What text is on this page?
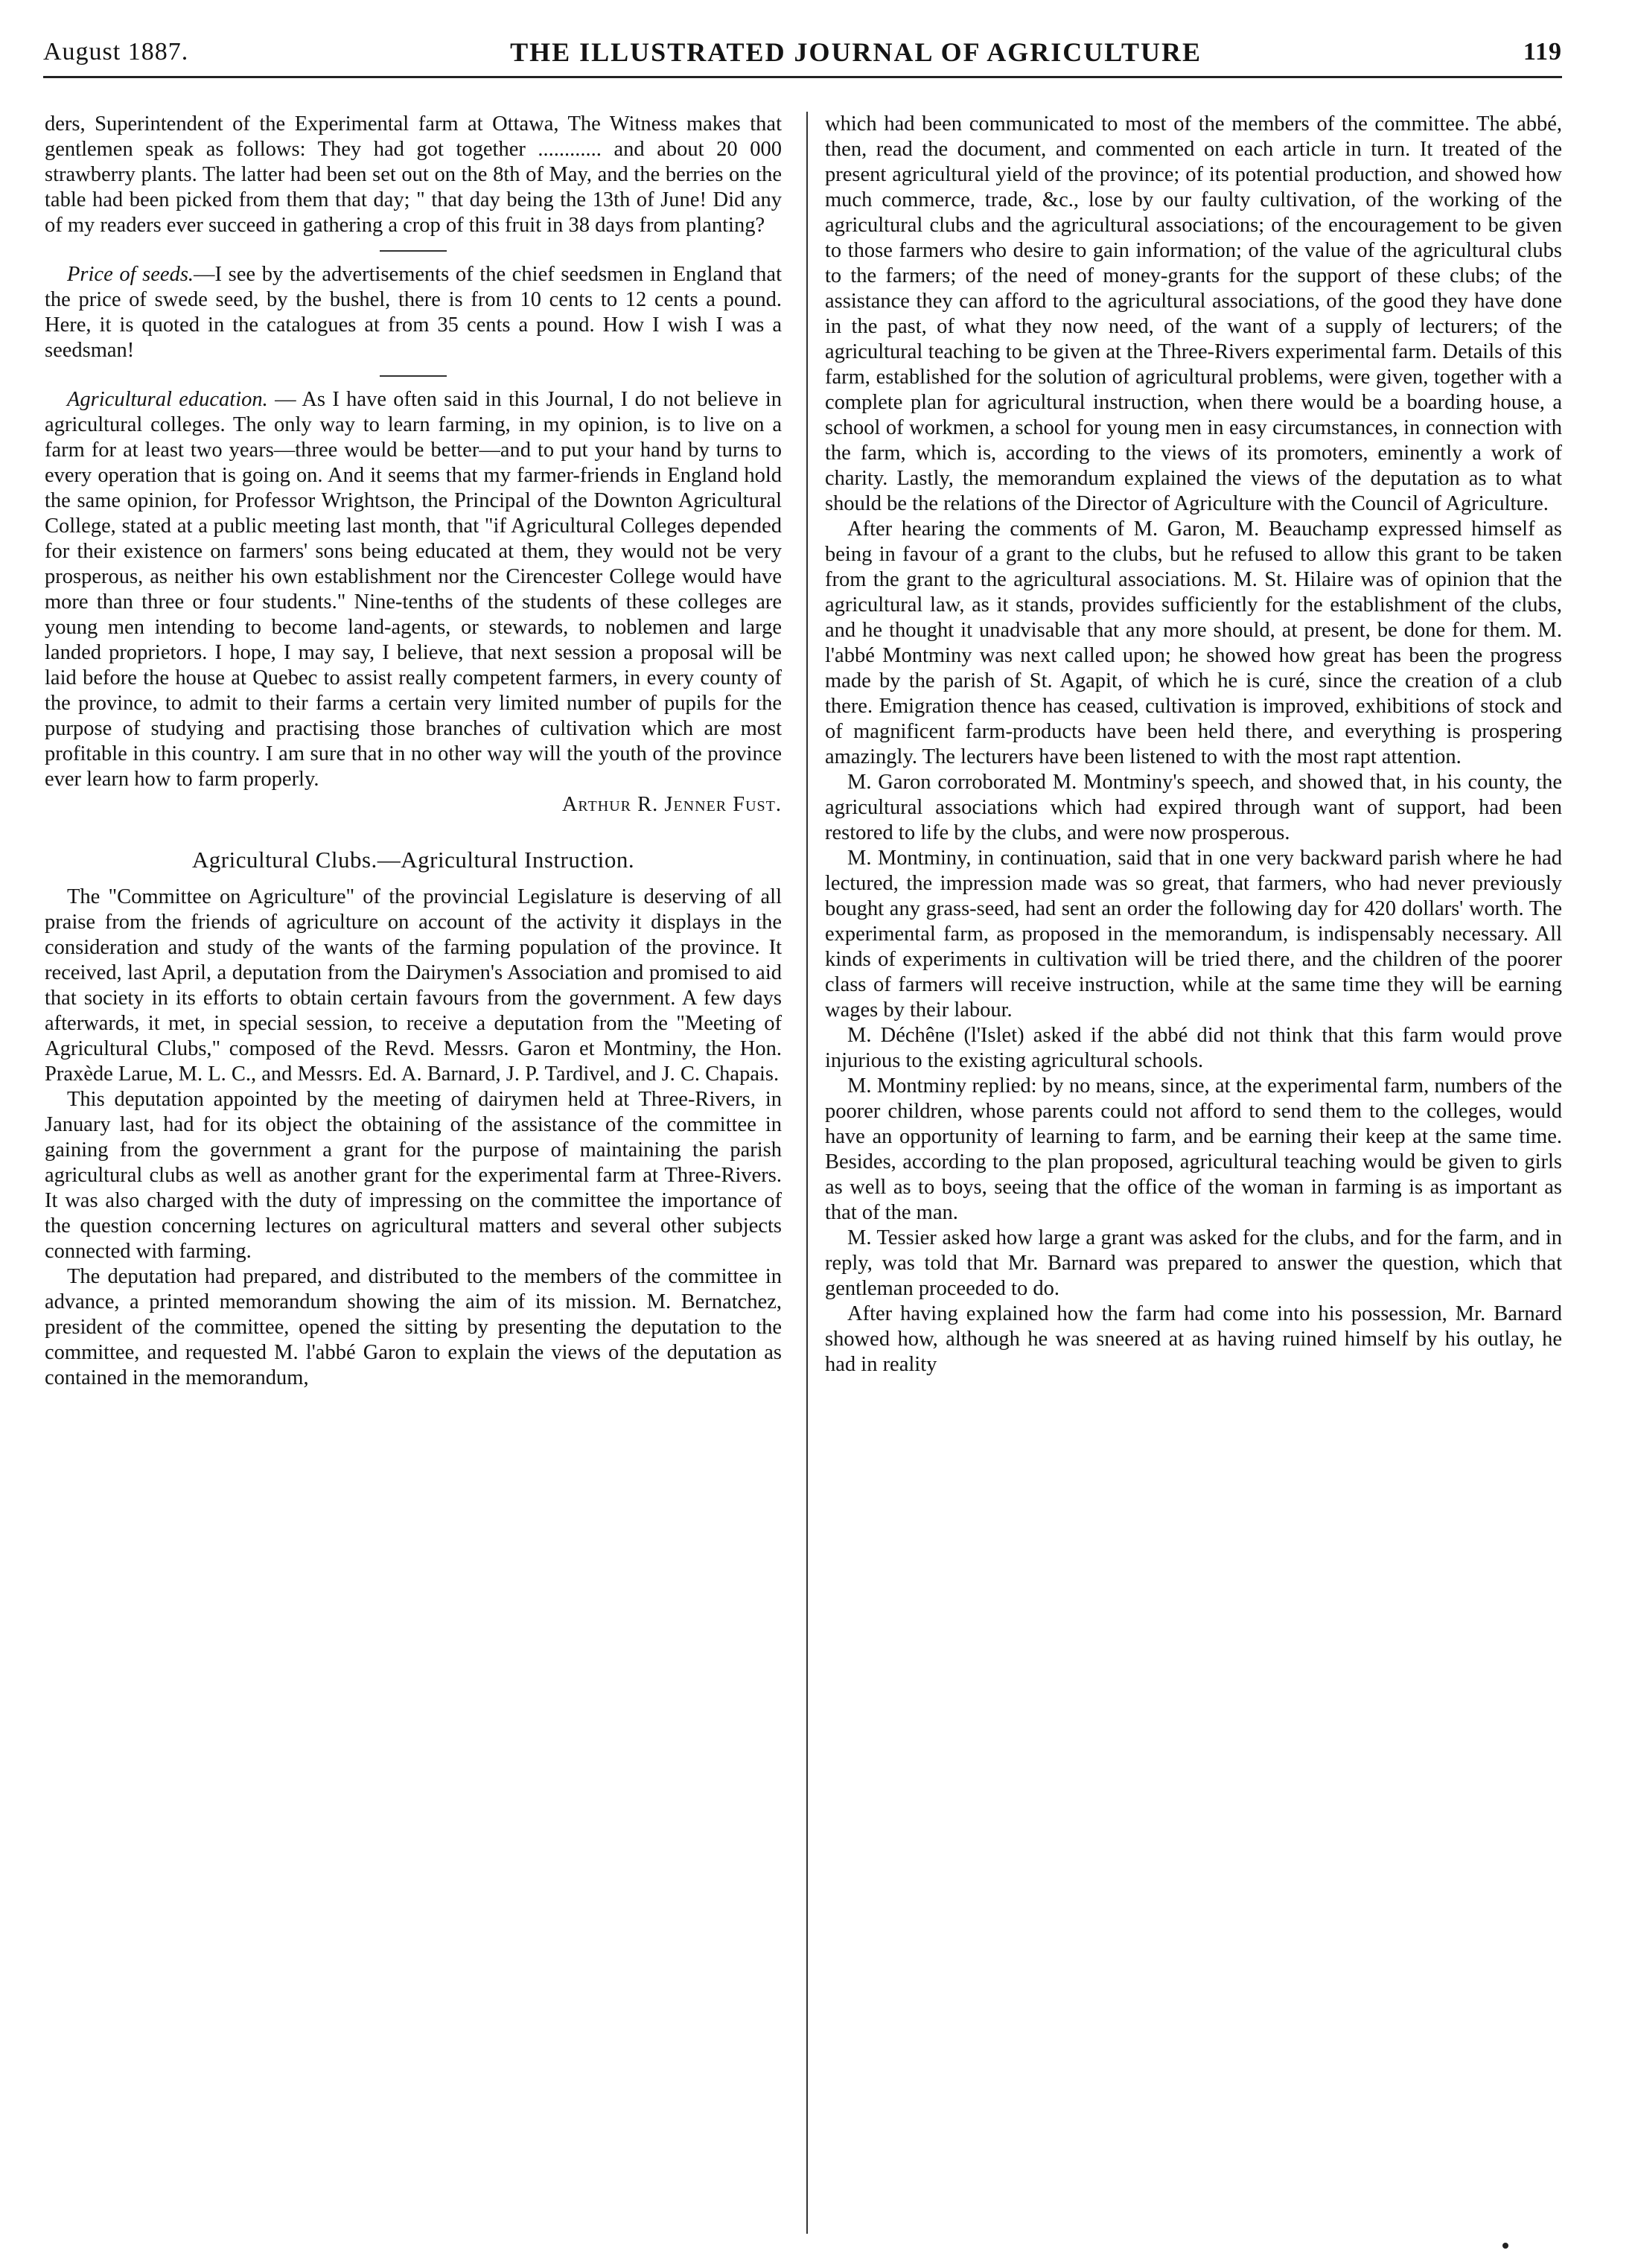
August 1887.	THE ILLUSTRATED JOURNAL OF AGRICULTURE	119

ders, Superintendent of the Experimental farm at Ottawa, The Witness makes that gentlemen speak as follows: They had got together ............ and about 20 000 strawberry plants. The latter had been set out on the 8th of May, and the berries on the table had been picked from them that day; " that day being the 13th of June! Did any of my readers ever succeed in gathering a crop of this fruit in 38 days from planting?

Price of seeds.—I see by the advertisements of the chief seedsmen in England that the price of swede seed, by the bushel, there is from 10 cents to 12 cents a pound. Here, it is quoted in the catalogues at from 35 cents a pound. How I wish I was a seedsman!

Agricultural education. — As I have often said in this Journal, I do not believe in agricultural colleges. The only way to learn farming, in my opinion, is to live on a farm for at least two years—three would be better—and to put your hand by turns to every operation that is going on. And it seems that my farmer-friends in England hold the same opinion, for Professor Wrightson, the Principal of the Downton Agricultural College, stated at a public meeting last month, that "if Agricultural Colleges depended for their existence on farmers' sons being educated at them, they would not be very prosperous, as neither his own establishment nor the Cirencester College would have more than three or four students." Nine-tenths of the students of these colleges are young men intending to become land-agents, or stewards, to noblemen and large landed proprietors. I hope, I may say, I believe, that next session a proposal will be laid before the house at Quebec to assist really competent farmers, in every county of the province, to admit to their farms a certain very limited number of pupils for the purpose of studying and practising those branches of cultivation which are most profitable in this country. I am sure that in no other way will the youth of the province ever learn how to farm properly.

Arthur R. Jenner Fust.

Agricultural Clubs.—Agricultural Instruction.

The "Committee on Agriculture" of the provincial Legislature is deserving of all praise from the friends of agriculture on account of the activity it displays in the consideration and study of the wants of the farming population of the province. It received, last April, a deputation from the Dairymen's Association and promised to aid that society in its efforts to obtain certain favours from the government. A few days afterwards, it met, in special session, to receive a deputation from the "Meeting of Agricultural Clubs," composed of the Revd. Messrs. Garon et Montminy, the Hon. Praxède Larue, M. L. C., and Messrs. Ed. A. Barnard, J. P. Tardivel, and J. C. Chapais.

This deputation appointed by the meeting of dairymen held at Three-Rivers, in January last, had for its object the obtaining of the assistance of the committee in gaining from the government a grant for the purpose of maintaining the parish agricultural clubs as well as another grant for the experimental farm at Three-Rivers. It was also charged with the duty of impressing on the committee the importance of the question concerning lectures on agricultural matters and several other subjects connected with farming.

The deputation had prepared, and distributed to the members of the committee in advance, a printed memorandum showing the aim of its mission. M. Bernatchez, president of the committee, opened the sitting by presenting the deputation to the committee, and requested M. l'abbé Garon to explain the views of the deputation as contained in the memorandum,

which had been communicated to most of the members of the committee. The abbé, then, read the document, and commented on each article in turn. It treated of the present agricultural yield of the province; of its potential production, and showed how much commerce, trade, &c., lose by our faulty cultivation, of the working of the agricultural clubs and the agricultural associations; of the encouragement to be given to those farmers who desire to gain information; of the value of the agricultural clubs to the farmers; of the need of money-grants for the support of these clubs; of the assistance they can afford to the agricultural associations, of the good they have done in the past, of what they now need, of the want of a supply of lecturers; of the agricultural teaching to be given at the Three-Rivers experimental farm. Details of this farm, established for the solution of agricultural problems, were given, together with a complete plan for agricultural instruction, when there would be a boarding house, a school of workmen, a school for young men in easy circumstances, in connection with the farm, which is, according to the views of its promoters, eminently a work of charity. Lastly, the memorandum explained the views of the deputation as to what should be the relations of the Director of Agriculture with the Council of Agriculture.

After hearing the comments of M. Garon, M. Beauchamp expressed himself as being in favour of a grant to the clubs, but he refused to allow this grant to be taken from the grant to the agricultural associations. M. St. Hilaire was of opinion that the agricultural law, as it stands, provides sufficiently for the establishment of the clubs, and he thought it unadvisable that any more should, at present, be done for them. M. l'abbé Montminy was next called upon; he showed how great has been the progress made by the parish of St. Agapit, of which he is curé, since the creation of a club there. Emigration thence has ceased, cultivation is improved, exhibitions of stock and of magnificent farm-products have been held there, and everything is prospering amazingly. The lecturers have been listened to with the most rapt attention.

M. Garon corroborated M. Montminy's speech, and showed that, in his county, the agricultural associations which had expired through want of support, had been restored to life by the clubs, and were now prosperous.

M. Montminy, in continuation, said that in one very backward parish where he had lectured, the impression made was so great, that farmers, who had never previously bought any grass-seed, had sent an order the following day for 420 dollars' worth. The experimental farm, as proposed in the memorandum, is indispensably necessary. All kinds of experiments in cultivation will be tried there, and the children of the poorer class of farmers will receive instruction, while at the same time they will be earning wages by their labour.

M. Déchêne (l'Islet) asked if the abbé did not think that this farm would prove injurious to the existing agricultural schools.

M. Montminy replied: by no means, since, at the experimental farm, numbers of the poorer children, whose parents could not afford to send them to the colleges, would have an opportunity of learning to farm, and be earning their keep at the same time. Besides, according to the plan proposed, agricultural teaching would be given to girls as well as to boys, seeing that the office of the woman in farming is as important as that of the man.

M. Tessier asked how large a grant was asked for the clubs, and for the farm, and in reply, was told that Mr. Barnard was prepared to answer the question, which that gentleman proceeded to do.

After having explained how the farm had come into his possession, Mr. Barnard showed how, although he was sneered at as having ruined himself by his outlay, he had in reality
